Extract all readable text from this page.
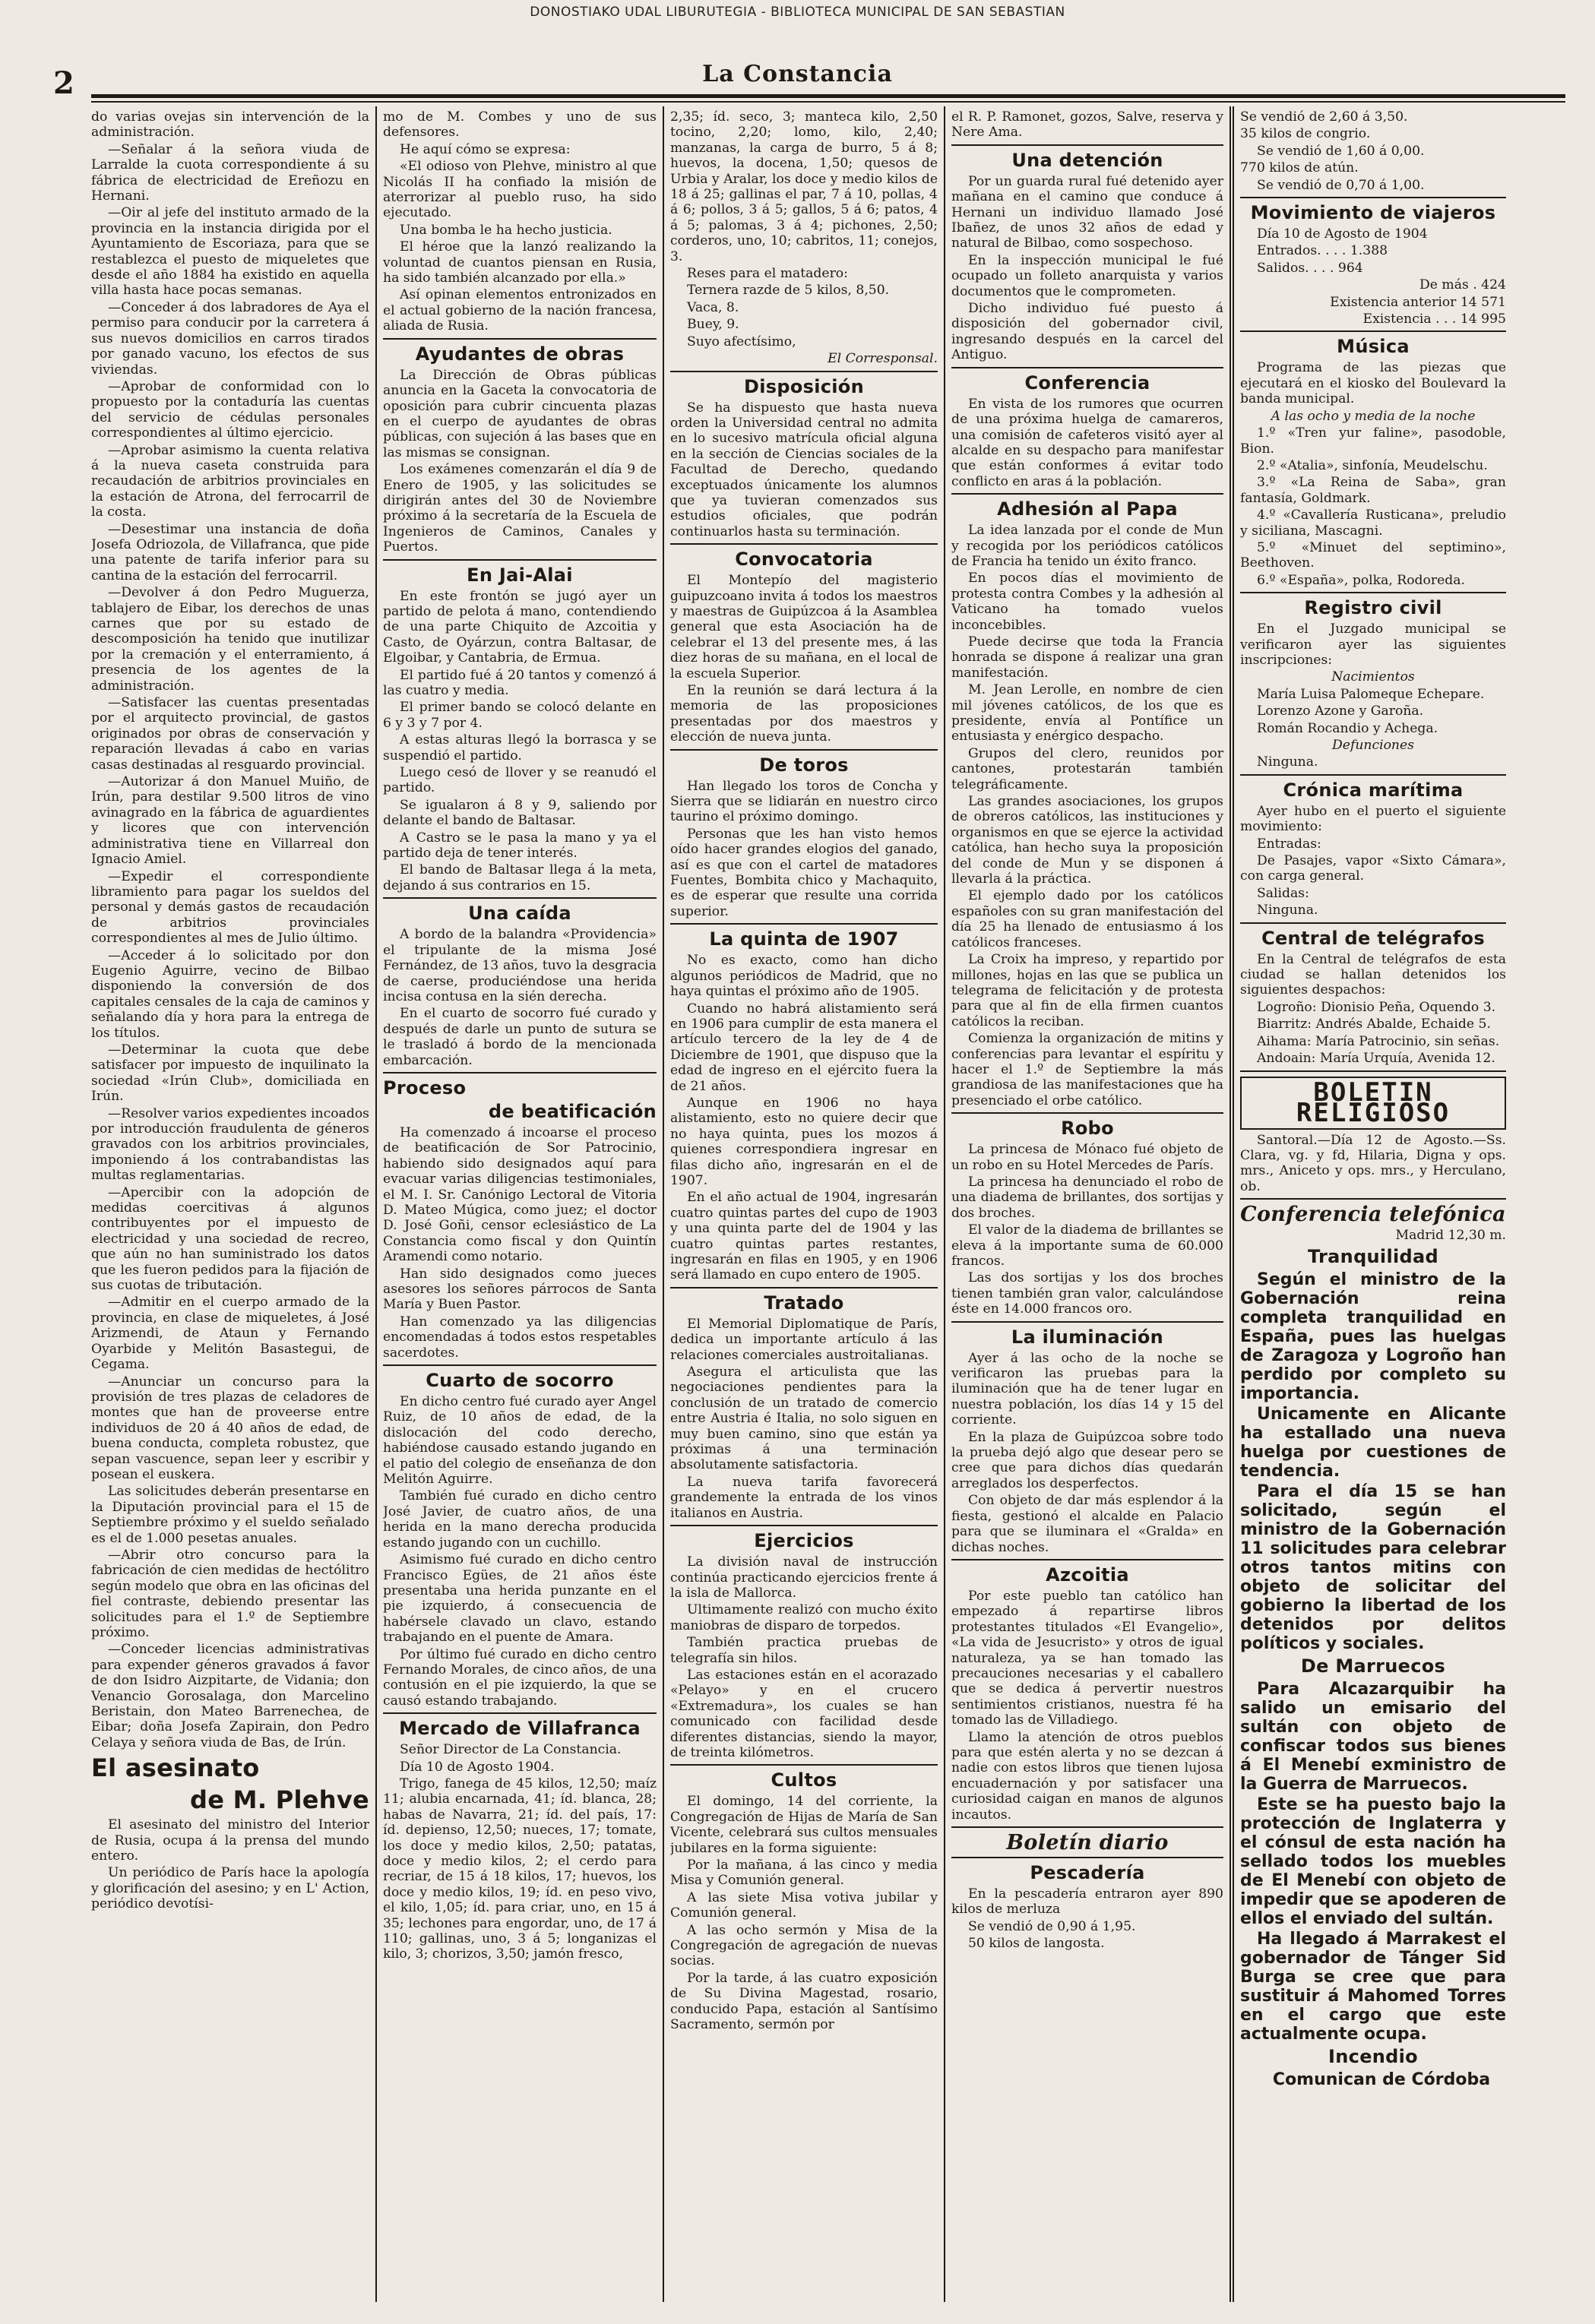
DONOSTIAKO UDAL LIBURUTEGIA - BIBLIOTECA MUNICIPAL DE SAN SEBASTIAN
2	La Constancia

do varias ovejas sin intervención de la administración.

—Señalar á la señora viuda de Larralde la cuota correspondiente á su fábrica de electricidad de Ereñozu en Hernani.

—Oir al jefe del instituto armado de la provincia en la instancia dirigida por el Ayuntamiento de Escoriaza, para que se restablezca el puesto de miqueletes que desde el año 1884 ha existido en aquella villa hasta hace pocas semanas.

—Conceder á dos labradores de Aya el permiso para conducir por la carretera á sus nuevos domicilios en carros tirados por ganado vacuno, los efectos de sus viviendas.

—Aprobar de conformidad con lo propuesto por la contaduría las cuentas del servicio de cédulas personales correspondientes al último ejercicio.

—Aprobar asimismo la cuenta relativa á la nueva caseta construida para recaudación de arbitrios provinciales en la estación de Atrona, del ferrocarril de la costa.

—Desestimar una instancia de doña Josefa Odriozola, de Villafranca, que pide una patente de tarifa inferior para su cantina de la estación del ferrocarril.

—Devolver á don Pedro Muguerza, tablajero de Eibar, los derechos de unas carnes que por su estado de descomposición ha tenido que inutilizar por la cremación y el enterramiento, á presencia de los agentes de la administración.

—Satisfacer las cuentas presentadas por el arquitecto provincial, de gastos originados por obras de conservación y reparación llevadas á cabo en varias casas destinadas al resguardo provincial.

—Autorizar á don Manuel Muiño, de Irún, para destilar 9.500 litros de vino avinagrado en la fábrica de aguardientes y licores que con intervención administrativa tiene en Villarreal don Ignacio Amiel.

—Expedir el correspondiente libramiento para pagar los sueldos del personal y demás gastos de recaudación de arbitrios provinciales correspondientes al mes de Julio último.

—Acceder á lo solicitado por don Eugenio Aguirre, vecino de Bilbao disponiendo la conversión de dos capitales censales de la caja de caminos y señalando día y hora para la entrega de los títulos.

—Determinar la cuota que debe satisfacer por impuesto de inquilinato la sociedad «Irún Club», domiciliada en Irún.

—Resolver varios expedientes incoados por introducción fraudulenta de géneros gravados con los arbitrios provinciales, imponiendo á los contrabandistas las multas reglamentarias.

—Apercibir con la adopción de medidas coercitivas á algunos contribuyentes por el impuesto de electricidad y una sociedad de recreo, que aún no han suministrado los datos que les fueron pedidos para la fijación de sus cuotas de tributación.

—Admitir en el cuerpo armado de la provincia, en clase de miqueletes, á José Arizmendi, de Ataun y Fernando Oyarbide y Melitón Basastegui, de Cegama.

—Anunciar un concurso para la provisión de tres plazas de celadores de montes que han de proveerse entre individuos de 20 á 40 años de edad, de buena conducta, completa robustez, que sepan vascuence, sepan leer y escribir y posean el euskera.

Las solicitudes deberán presentarse en la Diputación provincial para el 15 de Septiembre próximo y el sueldo señalado es el de 1.000 pesetas anuales.

—Abrir otro concurso para la fabricación de cien medidas de hectólitro según modelo que obra en las oficinas del fiel contraste, debiendo presentar las solicitudes para el 1.º de Septiembre próximo.

—Conceder licencias administrativas para expender géneros gravados á favor de don Isidro Aizpitarte, de Vidania; don Venancio Gorosalaga, don Marcelino Beristain, don Mateo Barrenechea, de Eibar; doña Josefa Zapirain, don Pedro Celaya y señora viuda de Bas, de Irún.

El asesinato
de M. Plehve

El asesinato del ministro del Interior de Rusia, ocupa á la prensa del mundo entero.

Un periódico de París hace la apología y glorificación del asesino; y en L' Action, periódico devotísi-

mo de M. Combes y uno de sus defensores.

He aquí cómo se expresa:

«El odioso von Plehve, ministro al que Nicolás II ha confiado la misión de aterrorizar al pueblo ruso, ha sido ejecutado.

Una bomba le ha hecho justicia.

El héroe que la lanzó realizando la voluntad de cuantos piensan en Rusia, ha sido también alcanzado por ella.»

Así opinan elementos entronizados en el actual gobierno de la nación francesa, aliada de Rusia.

Ayudantes de obras

La Dirección de Obras públicas anuncia en la Gaceta la convocatoria de oposición para cubrir cincuenta plazas en el cuerpo de ayudantes de obras públicas, con sujeción á las bases que en las mismas se consignan.

Los exámenes comenzarán el día 9 de Enero de 1905, y las solicitudes se dirigirán antes del 30 de Noviembre próximo á la secretaría de la Escuela de Ingenieros de Caminos, Canales y Puertos.

En Jai-Alai

En este frontón se jugó ayer un partido de pelota á mano, contendiendo de una parte Chiquito de Azcoitia y Casto, de Oyárzun, contra Baltasar, de Elgoibar, y Cantabria, de Ermua.

El partido fué á 20 tantos y comenzó á las cuatro y media.

El primer bando se colocó delante en 6 y 3 y 7 por 4.

A estas alturas llegó la borrasca y se suspendió el partido.

Luego cesó de llover y se reanudó el partido.

Se igualaron á 8 y 9, saliendo por delante el bando de Baltasar.

A Castro se le pasa la mano y ya el partido deja de tener interés.

El bando de Baltasar llega á la meta, dejando á sus contrarios en 15.

Una caída

A bordo de la balandra «Providencia» el tripulante de la misma José Fernández, de 13 años, tuvo la desgracia de caerse, produciéndose una herida incisa contusa en la sién derecha.

En el cuarto de socorro fué curado y después de darle un punto de sutura se le trasladó á bordo de la mencionada embarcación.

Proceso
de beatificación

Ha comenzado á incoarse el proceso de beatificación de Sor Patrocinio, habiendo sido designados aquí para evacuar varias diligencias testimoniales, el M. I. Sr. Canónigo Lectoral de Vitoria D. Mateo Múgica, como juez; el doctor D. José Goñi, censor eclesiástico de La Constancia como fiscal y don Quintín Aramendi como notario.

Han sido designados como jueces asesores los señores párrocos de Santa María y Buen Pastor.

Han comenzado ya las diligencias encomendadas á todos estos respetables sacerdotes.

Cuarto de socorro

En dicho centro fué curado ayer Angel Ruiz, de 10 años de edad, de la dislocación del codo derecho, habiéndose causado estando jugando en el patio del colegio de enseñanza de don Melitón Aguirre.

También fué curado en dicho centro José Javier, de cuatro años, de una herida en la mano derecha producida estando jugando con un cuchillo.

Asimismo fué curado en dicho centro Francisco Egües, de 21 años éste presentaba una herida punzante en el pie izquierdo, á consecuencia de habérsele clavado un clavo, estando trabajando en el puente de Amara.

Por último fué curado en dicho centro Fernando Morales, de cinco años, de una contusión en el pie izquierdo, la que se causó estando trabajando.

Mercado de Villafranca

Señor Director de La Constancia.

Día 10 de Agosto 1904.

Trigo, fanega de 45 kilos, 12,50; maíz 11; alubia encarnada, 41; íd. blanca, 28; habas de Navarra, 21; íd. del país, 17: íd. depienso, 12,50; nueces, 17; tomate, los doce y medio kilos, 2,50; patatas, doce y medio kilos, 2; el cerdo para recriar, de 15 á 18 kilos, 17; huevos, los doce y medio kilos, 19; íd. en peso vivo, el kilo, 1,05; íd. para criar, uno, en 15 á 35; lechones para engordar, uno, de 17 á 110; gallinas, uno, 3 á 5; longanizas el kilo, 3; chorizos, 3,50; jamón fresco,

2,35; íd. seco, 3; manteca kilo, 2,50 tocino, 2,20; lomo, kilo, 2,40; manzanas, la carga de burro, 5 á 8; huevos, la docena, 1,50; quesos de Urbia y Aralar, los doce y medio kilos de 18 á 25; gallinas el par, 7 á 10, pollas, 4 á 6; pollos, 3 á 5; gallos, 5 á 6; patos, 4 á 5; palomas, 3 á 4; pichones, 2,50; corderos, uno, 10; cabritos, 11; conejos, 3.

Reses para el matadero:

Ternera razde de 5 kilos, 8,50.

Vaca, 8.

Buey, 9.

Suyo afectísimo,

El Corresponsal.

Disposición

Se ha dispuesto que hasta nueva orden la Universidad central no admita en lo sucesivo matrícula oficial alguna en la sección de Ciencias sociales de la Facultad de Derecho, quedando exceptuados únicamente los alumnos que ya tuvieran comenzados sus estudios oficiales, que podrán continuarlos hasta su terminación.

Convocatoria

El Montepío del magisterio guipuzcoano invita á todos los maestros y maestras de Guipúzcoa á la Asamblea general que esta Asociación ha de celebrar el 13 del presente mes, á las diez horas de su mañana, en el local de la escuela Superior.

En la reunión se dará lectura á la memoria de las proposiciones presentadas por dos maestros y elección de nueva junta.

De toros

Han llegado los toros de Concha y Sierra que se lidiarán en nuestro circo taurino el próximo domingo.

Personas que les han visto hemos oído hacer grandes elogios del ganado, así es que con el cartel de matadores Fuentes, Bombita chico y Machaquito, es de esperar que resulte una corrida superior.

La quinta de 1907

No es exacto, como han dicho algunos periódicos de Madrid, que no haya quintas el próximo año de 1905.

Cuando no habrá alistamiento será en 1906 para cumplir de esta manera el artículo tercero de la ley de 4 de Diciembre de 1901, que dispuso que la edad de ingreso en el ejército fuera la de 21 años.

Aunque en 1906 no haya alistamiento, esto no quiere decir que no haya quinta, pues los mozos á quienes correspondiera ingresar en filas dicho año, ingresarán en el de 1907.

En el año actual de 1904, ingresarán cuatro quintas partes del cupo de 1903 y una quinta parte del de 1904 y las cuatro quintas partes restantes, ingresarán en filas en 1905, y en 1906 será llamado en cupo entero de 1905.

Tratado

El Memorial Diplomatique de París, dedica un importante artículo á las relaciones comerciales austroitalianas.

Asegura el articulista que las negociaciones pendientes para la conclusión de un tratado de comercio entre Austria é Italia, no solo siguen en muy buen camino, sino que están ya próximas á una terminación absolutamente satisfactoria.

La nueva tarifa favorecerá grandemente la entrada de los vinos italianos en Austria.

Ejercicios

La división naval de instrucción continúa practicando ejercicios frente á la isla de Mallorca.

Ultimamente realizó con mucho éxito maniobras de disparo de torpedos.

También practica pruebas de telegrafía sin hilos.

Las estaciones están en el acorazado «Pelayo» y en el crucero «Extremadura», los cuales se han comunicado con facilidad desde diferentes distancias, siendo la mayor, de treinta kilómetros.

Cultos

El domingo, 14 del corriente, la Congregación de Hijas de María de San Vicente, celebrará sus cultos mensuales jubilares en la forma siguiente:

Por la mañana, á las cinco y media Misa y Comunión general.

A las siete Misa votiva jubilar y Comunión general.

A las ocho sermón y Misa de la Congregación de agregación de nuevas socias.

Por la tarde, á las cuatro exposición de Su Divina Magestad, rosario, conducido Papa, estación al Santísimo Sacramento, sermón por

el R. P. Ramonet, gozos, Salve, reserva y Nere Ama.

Una detención

Por un guarda rural fué detenido ayer mañana en el camino que conduce á Hernani un individuo llamado José Ibañez, de unos 32 años de edad y natural de Bilbao, como sospechoso.

En la inspección municipal le fué ocupado un folleto anarquista y varios documentos que le comprometen.

Dicho individuo fué puesto á disposición del gobernador civil, ingresando después en la carcel del Antiguo.

Conferencia

En vista de los rumores que ocurren de una próxima huelga de camareros, una comisión de cafeteros visitó ayer al alcalde en su despacho para manifestar que están conformes á evitar todo conflicto en aras á la población.

Adhesión al Papa

La idea lanzada por el conde de Mun y recogida por los periódicos católicos de Francia ha tenido un éxito franco.

En pocos días el movimiento de protesta contra Combes y la adhesión al Vaticano ha tomado vuelos inconcebibles.

Puede decirse que toda la Francia honrada se dispone á realizar una gran manifestación.

M. Jean Lerolle, en nombre de cien mil jóvenes católicos, de los que es presidente, envía al Pontífice un entusiasta y enérgico despacho.

Grupos del clero, reunidos por cantones, protestarán también telegráficamente.

Las grandes asociaciones, los grupos de obreros católicos, las instituciones y organismos en que se ejerce la actividad católica, han hecho suya la proposición del conde de Mun y se disponen á llevarla á la práctica.

El ejemplo dado por los católicos españoles con su gran manifestación del día 25 ha llenado de entusiasmo á los católicos franceses.

La Croix ha impreso, y repartido por millones, hojas en las que se publica un telegrama de felicitación y de protesta para que al fin de ella firmen cuantos católicos la reciban.

Comienza la organización de mitins y conferencias para levantar el espíritu y hacer el 1.º de Septiembre la más grandiosa de las manifestaciones que ha presenciado el orbe católico.

Robo

La princesa de Mónaco fué objeto de un robo en su Hotel Mercedes de París.

La princesa ha denunciado el robo de una diadema de brillantes, dos sortijas y dos broches.

El valor de la diadema de brillantes se eleva á la importante suma de 60.000 francos.

Las dos sortijas y los dos broches tienen también gran valor, calculándose éste en 14.000 francos oro.

La iluminación

Ayer á las ocho de la noche se verificaron las pruebas para la iluminación que ha de tener lugar en nuestra población, los días 14 y 15 del corriente.

En la plaza de Guipúzcoa sobre todo la prueba dejó algo que desear pero se cree que para dichos días quedarán arreglados los desperfectos.

Con objeto de dar más esplendor á la fiesta, gestionó el alcalde en Palacio para que se iluminara el «Gralda» en dichas noches.

Azcoitia

Por este pueblo tan católico han empezado á repartirse libros protestantes titulados «El Evangelio», «La vida de Jesucristo» y otros de igual naturaleza, ya se han tomado las precauciones necesarias y el caballero que se dedica á pervertir nuestros sentimientos cristianos, nuestra fé ha tomado las de Villadiego.

Llamo la atención de otros pueblos para que estén alerta y no se dezcan á nadie con estos libros que tienen lujosa encuadernación y por satisfacer una curiosidad caigan en manos de algunos incautos.

Boletín diario
Pescadería

En la pescadería entraron ayer 890 kilos de merluza

Se vendió de 0,90 á 1,95.

50 kilos de langosta.

Se vendió de 2,60 á 3,50.

35 kilos de congrio.

Se vendió de 1,60 á 0,00.

770 kilos de atún.

Se vendió de 0,70 á 1,00.

Movimiento de viajeros

Día 10 de Agosto de 1904

Entrados. . . . 1.388

Salidos. . . . 964

De más . 424

Existencia anterior 14 571

Existencia . . . 14 995

Música

Programa de las piezas que ejecutará en el kiosko del Boulevard la banda municipal.

A las ocho y media de la noche

1.º «Tren yur faline», pasodoble, Bion.

2.º «Atalia», sinfonía, Meudelschu.

3.º «La Reina de Saba», gran fantasía, Goldmark.

4.º «Cavallería Rusticana», preludio y siciliana, Mascagni.

5.º «Minuet del septimino», Beethoven.

6.º «España», polka, Rodoreda.

Registro civil

En el Juzgado municipal se verificaron ayer las siguientes inscripciones:

Nacimientos

María Luisa Palomeque Echepare.

Lorenzo Azone y Garoña.

Román Rocandio y Achega.

Defunciones

Ninguna.

Crónica marítima

Ayer hubo en el puerto el siguiente movimiento:

Entradas:

De Pasajes, vapor «Sixto Cámara», con carga general.

Salidas:

Ninguna.

Central de telégrafos

En la Central de telégrafos de esta ciudad se hallan detenidos los siguientes despachos:

Logroño: Dionisio Peña, Oquendo 3.

Biarritz: Andrés Abalde, Echaide 5.

Aihama: María Patrocinio, sin señas.

Andoain: María Urquía, Avenida 12.

BOLETIN RELIGIOSO

Santoral.—Día 12 de Agosto.—Ss. Clara, vg. y fd, Hilaria, Digna y ops. mrs., Aniceto y ops. mrs., y Herculano, ob.

Conferencia telefónica

Madrid 12,30 m.

Tranquilidad

Según el ministro de la Gobernación reina completa tranquilidad en España, pues las huelgas de Zaragoza y Logroño han perdido por completo su importancia.

Unicamente en Alicante ha estallado una nueva huelga por cuestiones de tendencia.

Para el día 15 se han solicitado, según el ministro de la Gobernación 11 solicitudes para celebrar otros tantos mitins con objeto de solicitar del gobierno la libertad de los detenidos por delitos políticos y sociales.

De Marruecos

Para Alcazarquibir ha salido un emisario del sultán con objeto de confiscar todos sus bienes á El Menebí exministro de la Guerra de Marruecos.

Este se ha puesto bajo la protección de Inglaterra y el cónsul de esta nación ha sellado todos los muebles de El Menebí con objeto de impedir que se apoderen de ellos el enviado del sultán.

Ha llegado á Marrakest el gobernador de Tánger Sid Burga se cree que para sustituir á Mahomed Torres en el cargo que este actualmente ocupa.

Incendio

Comunican de Córdoba
